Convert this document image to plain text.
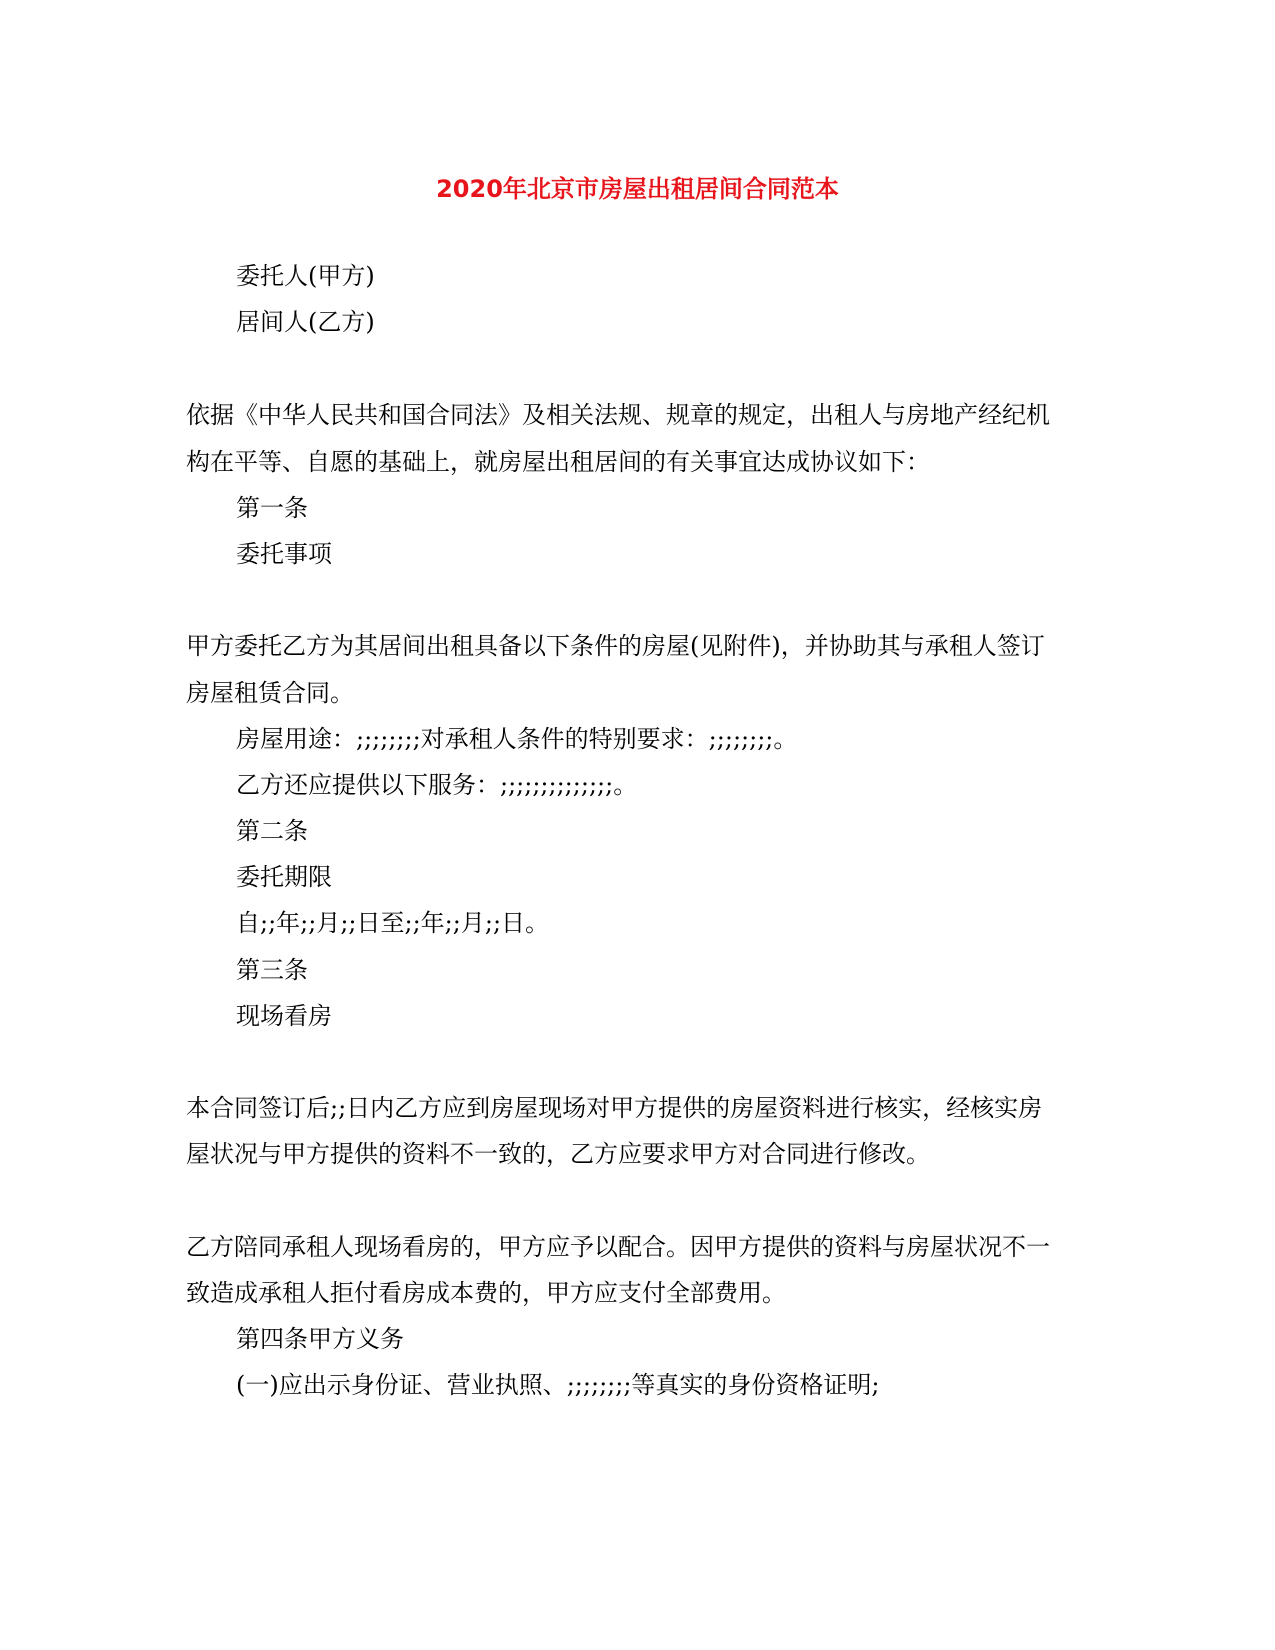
2020年北京市房屋出租居间合同范本

委托人(甲方)

居间人(乙方)

依据《中华人民共和国合同法》及相关法规、规章的规定，出租人与房地产经纪机

构在平等、自愿的基础上，就房屋出租居间的有关事宜达成协议如下：

第一条

委托事项

甲方委托乙方为其居间出租具备以下条件的房屋(见附件)，并协助其与承租人签订

房屋租赁合同。

房屋用途：;;;;;;;;对承租人条件的特别要求：;;;;;;;;。

乙方还应提供以下服务：;;;;;;;;;;;;;;。

第二条

委托期限

自;;年;;月;;日至;;年;;月;;日。

第三条

现场看房

本合同签订后;;日内乙方应到房屋现场对甲方提供的房屋资料进行核实，经核实房

屋状况与甲方提供的资料不一致的，乙方应要求甲方对合同进行修改。

乙方陪同承租人现场看房的，甲方应予以配合。因甲方提供的资料与房屋状况不一

致造成承租人拒付看房成本费的，甲方应支付全部费用。

第四条甲方义务

(一)应出示身份证、营业执照、;;;;;;;;等真实的身份资格证明;
